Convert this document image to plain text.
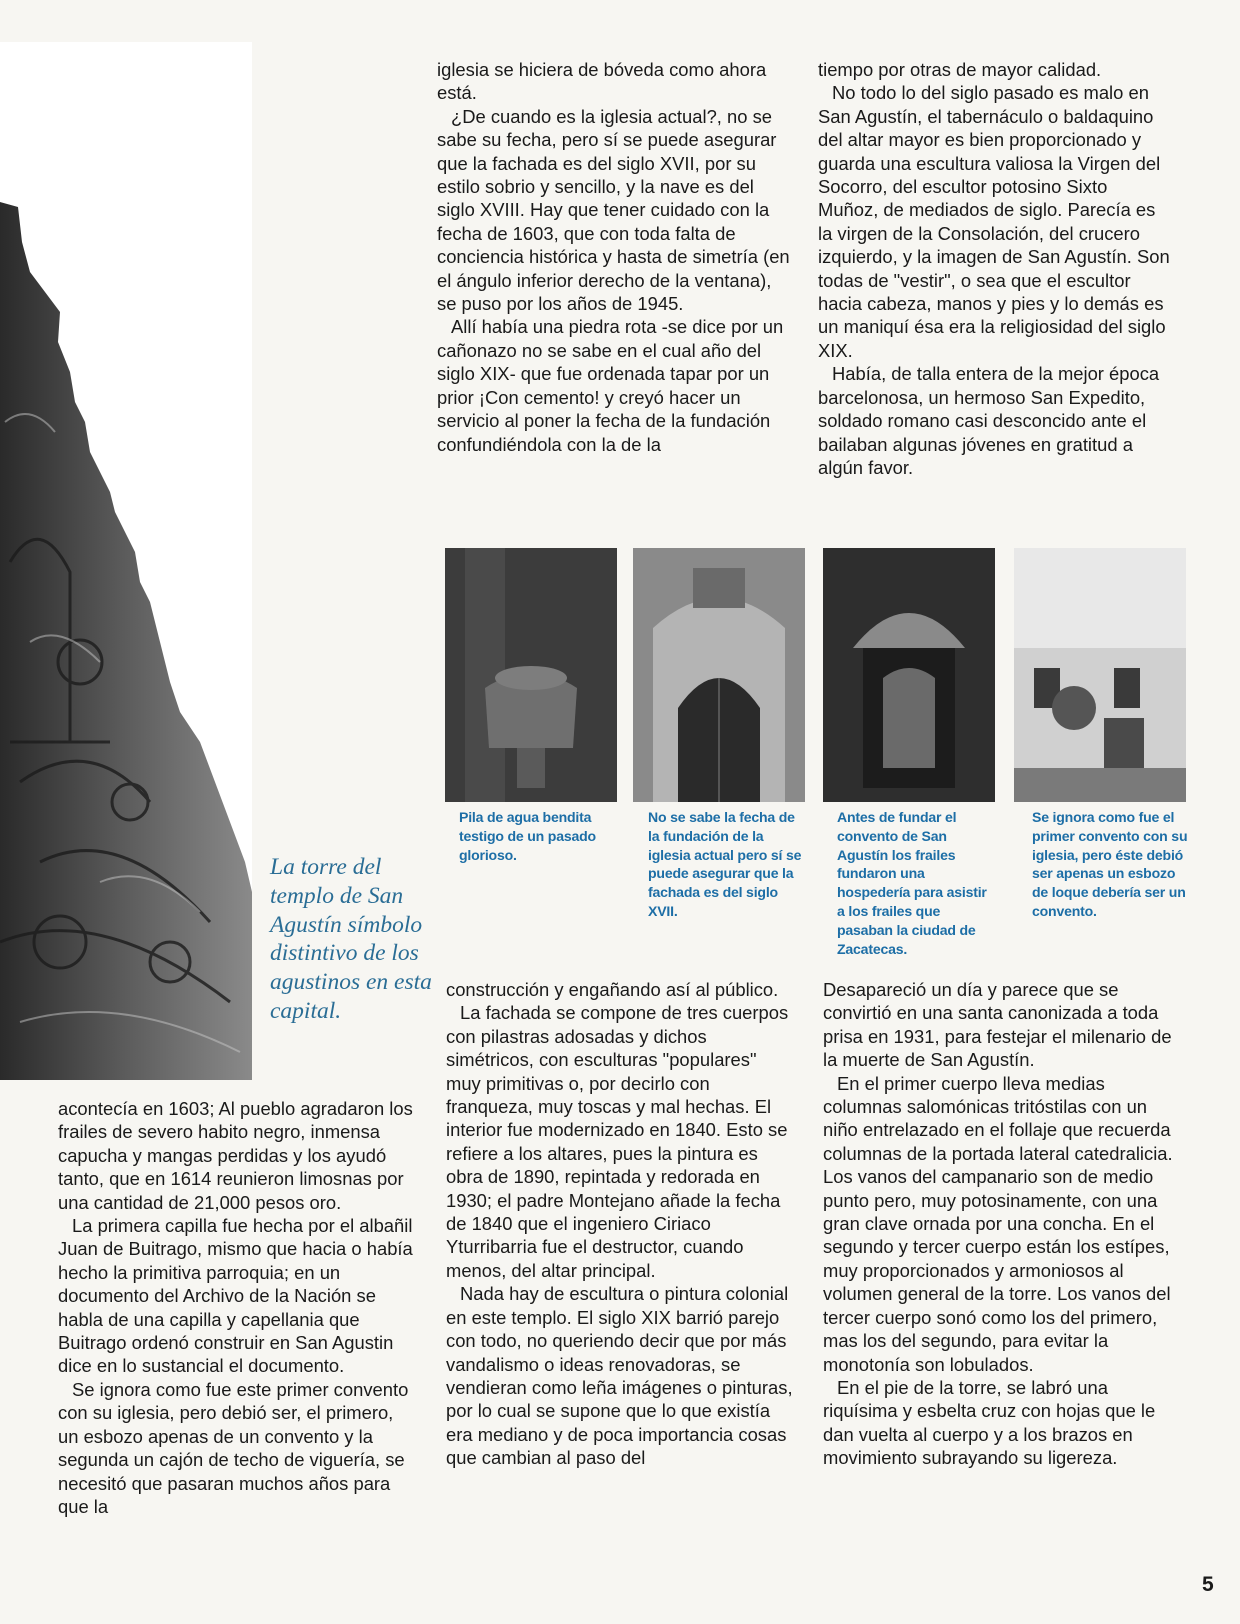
La torre del templo de San Agustín símbolo distintivo de los agustinos en esta capital.

iglesia se hiciera de bóveda como ahora está.

¿De cuando es la iglesia actual?, no se sabe su fecha, pero sí se puede asegurar que la fachada es del siglo XVII, por su estilo sobrio y sencillo, y la nave es del siglo XVIII. Hay que tener cuidado con la fecha de 1603, que con toda falta de conciencia histórica y hasta de simetría (en el ángulo inferior derecho de la ventana), se puso por los años de 1945.

Allí había una piedra rota -se dice por un cañonazo no se sabe en el cual año del siglo XIX- que fue ordenada tapar por un prior ¡Con cemento! y creyó hacer un servicio al poner la fecha de la fundación confundiéndola con la de la

tiempo por otras de mayor calidad.

No todo lo del siglo pasado es malo en San Agustín, el tabernáculo o baldaquino del altar mayor es bien proporcionado y guarda una escultura valiosa la Virgen del Socorro, del escultor potosino Sixto Muñoz, de mediados de siglo. Parecía es la virgen de la Consolación, del crucero izquierdo, y la imagen de San Agustín. Son todas de "vestir", o sea que el escultor hacia cabeza, manos y pies y lo demás es un maniquí ésa era la religiosidad del siglo XIX.

Había, de talla entera de la mejor época barcelonosa, un hermoso San Expedito, soldado romano casi desconcido ante el bailaban algunas jóvenes en gratitud a algún favor.

Pila de agua bendita testigo de un pasado glorioso.

No se sabe la fecha de la fundación de la iglesia actual pero sí se puede asegurar que la fachada es del siglo XVII.

Antes de fundar el convento de San Agustín los frailes fundaron una hospedería para asistir a los frailes que pasaban la ciudad de Zacatecas.

Se ignora como fue el primer convento con su iglesia, pero éste debió ser apenas un esbozo de loque debería ser un convento.

acontecía en 1603; Al pueblo agradaron los frailes de severo habito negro, inmensa capucha y mangas perdidas y los ayudó tanto, que en 1614 reunieron limosnas por una cantidad de 21,000 pesos oro.

La primera capilla fue hecha por el albañil Juan de Buitrago, mismo que hacia o había hecho la primitiva parroquia; en un documento del Archivo de la Nación se habla de una capilla y capellania que Buitrago ordenó construir en San Agustin dice en lo sustancial el documento.

Se ignora como fue este primer convento con su iglesia, pero debió ser, el primero, un esbozo apenas de un convento y la segunda un cajón de techo de viguería, se necesitó que pasaran muchos años para que la

construcción y engañando así al público.

La fachada se compone de tres cuerpos con pilastras adosadas y dichos simétricos, con esculturas "populares" muy primitivas o, por decirlo con franqueza, muy toscas y mal hechas. El interior fue modernizado en 1840. Esto se refiere a los altares, pues la pintura es obra de 1890, repintada y redorada en 1930; el padre Montejano añade la fecha de 1840 que el ingeniero Ciriaco Yturribarria fue el destructor, cuando menos, del altar principal.

Nada hay de escultura o pintura colonial en este templo. El siglo XIX barrió parejo con todo, no queriendo decir que por más vandalismo o ideas renovadoras, se vendieran como leña imágenes o pinturas, por lo cual se supone que lo que existía era mediano y de poca importancia cosas que cambian al paso del

Desapareció un día y parece que se convirtió en una santa canonizada a toda prisa en 1931, para festejar el milenario de la muerte de San Agustín.

En el primer cuerpo lleva medias columnas salomónicas tritóstilas con un niño entrelazado en el follaje que recuerda columnas de la portada lateral catedralicia. Los vanos del campanario son de medio punto pero, muy potosinamente, con una gran clave ornada por una concha. En el segundo y tercer cuerpo están los estípes, muy proporcionados y armoniosos al volumen general de la torre. Los vanos del tercer cuerpo sonó como los del primero, mas los del segundo, para evitar la monotonía son lobulados.

En el pie de la torre, se labró una riquísima y esbelta cruz con hojas que le dan vuelta al cuerpo y a los brazos en movimiento subrayando su ligereza.

5
